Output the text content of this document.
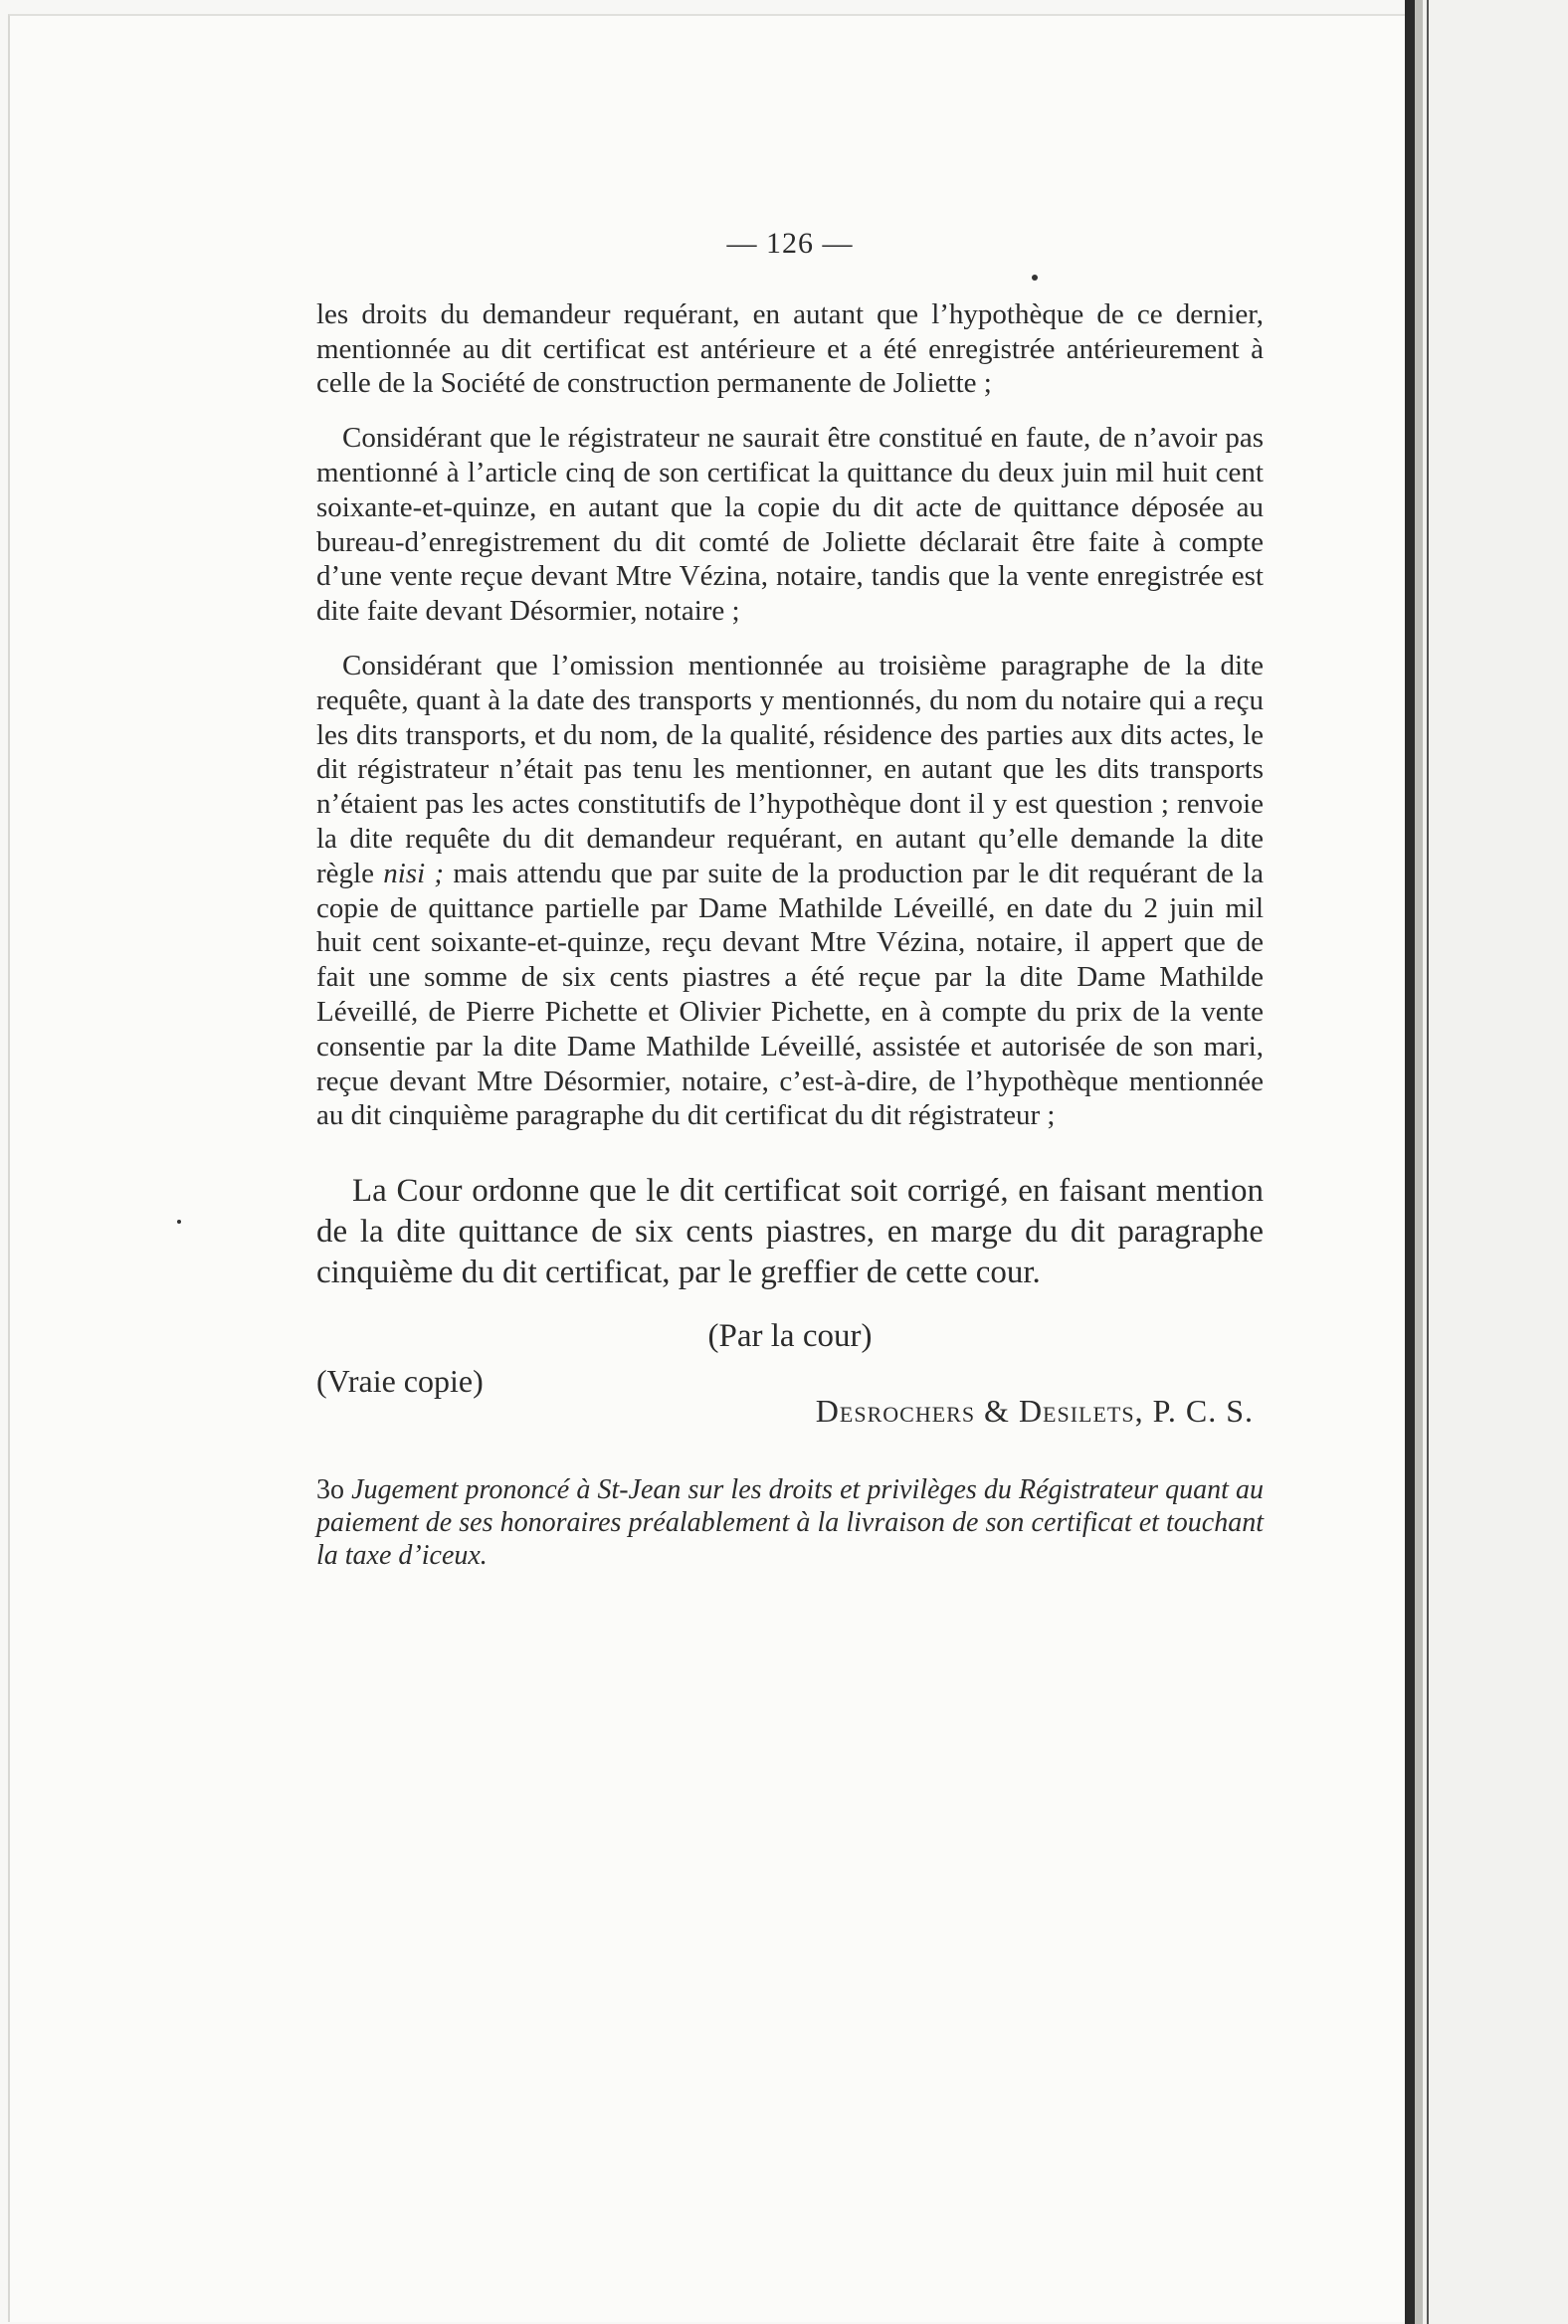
— 126 —

les droits du demandeur requérant, en autant que l’hypothèque de ce dernier, mentionnée au dit certificat est antérieure et a été enregistrée antérieurement à celle de la Société de construction permanente de Joliette ;

Considérant que le régistrateur ne saurait être constitué en faute, de n’avoir pas mentionné à l’article cinq de son certificat la quittance du deux juin mil huit cent soixante-et-quinze, en autant que la copie du dit acte de quittance déposée au bureau-d’enregistrement du dit comté de Joliette déclarait être faite à compte d’une vente reçue devant Mtre Vézina, notaire, tandis que la vente enregistrée est dite faite devant Désormier, notaire ;

Considérant que l’omission mentionnée au troisième paragraphe de la dite requête, quant à la date des transports y mentionnés, du nom du notaire qui a reçu les dits transports, et du nom, de la qualité, résidence des parties aux dits actes, le dit régistrateur n’était pas tenu les mentionner, en autant que les dits transports n’étaient pas les actes constitutifs de l’hypothèque dont il y est question ; renvoie la dite requête du dit demandeur requérant, en autant qu’elle demande la dite règle nisi ; mais attendu que par suite de la production par le dit requérant de la copie de quittance partielle par Dame Mathilde Léveillé, en date du 2 juin mil huit cent soixante-et-quinze, reçu devant Mtre Vézina, notaire, il appert que de fait une somme de six cents piastres a été reçue par la dite Dame Mathilde Léveillé, de Pierre Pichette et Olivier Pichette, en à compte du prix de la vente consentie par la dite Dame Mathilde Léveillé, assistée et autorisée de son mari, reçue devant Mtre Désormier, notaire, c’est-à-dire, de l’hypothèque mentionnée au dit cinquième paragraphe du dit certificat du dit régistrateur ;

La Cour ordonne que le dit certificat soit corrigé, en faisant mention de la dite quittance de six cents piastres, en marge du dit paragraphe cinquième du dit certificat, par le greffier de cette cour.

(Par la cour)
(Vraie copie)
Desrochers & Desilets, P. C. S.

3o Jugement prononcé à St-Jean sur les droits et privilèges du Régistrateur quant au paiement de ses honoraires préalablement à la livraison de son certificat et touchant la taxe d’iceux.
